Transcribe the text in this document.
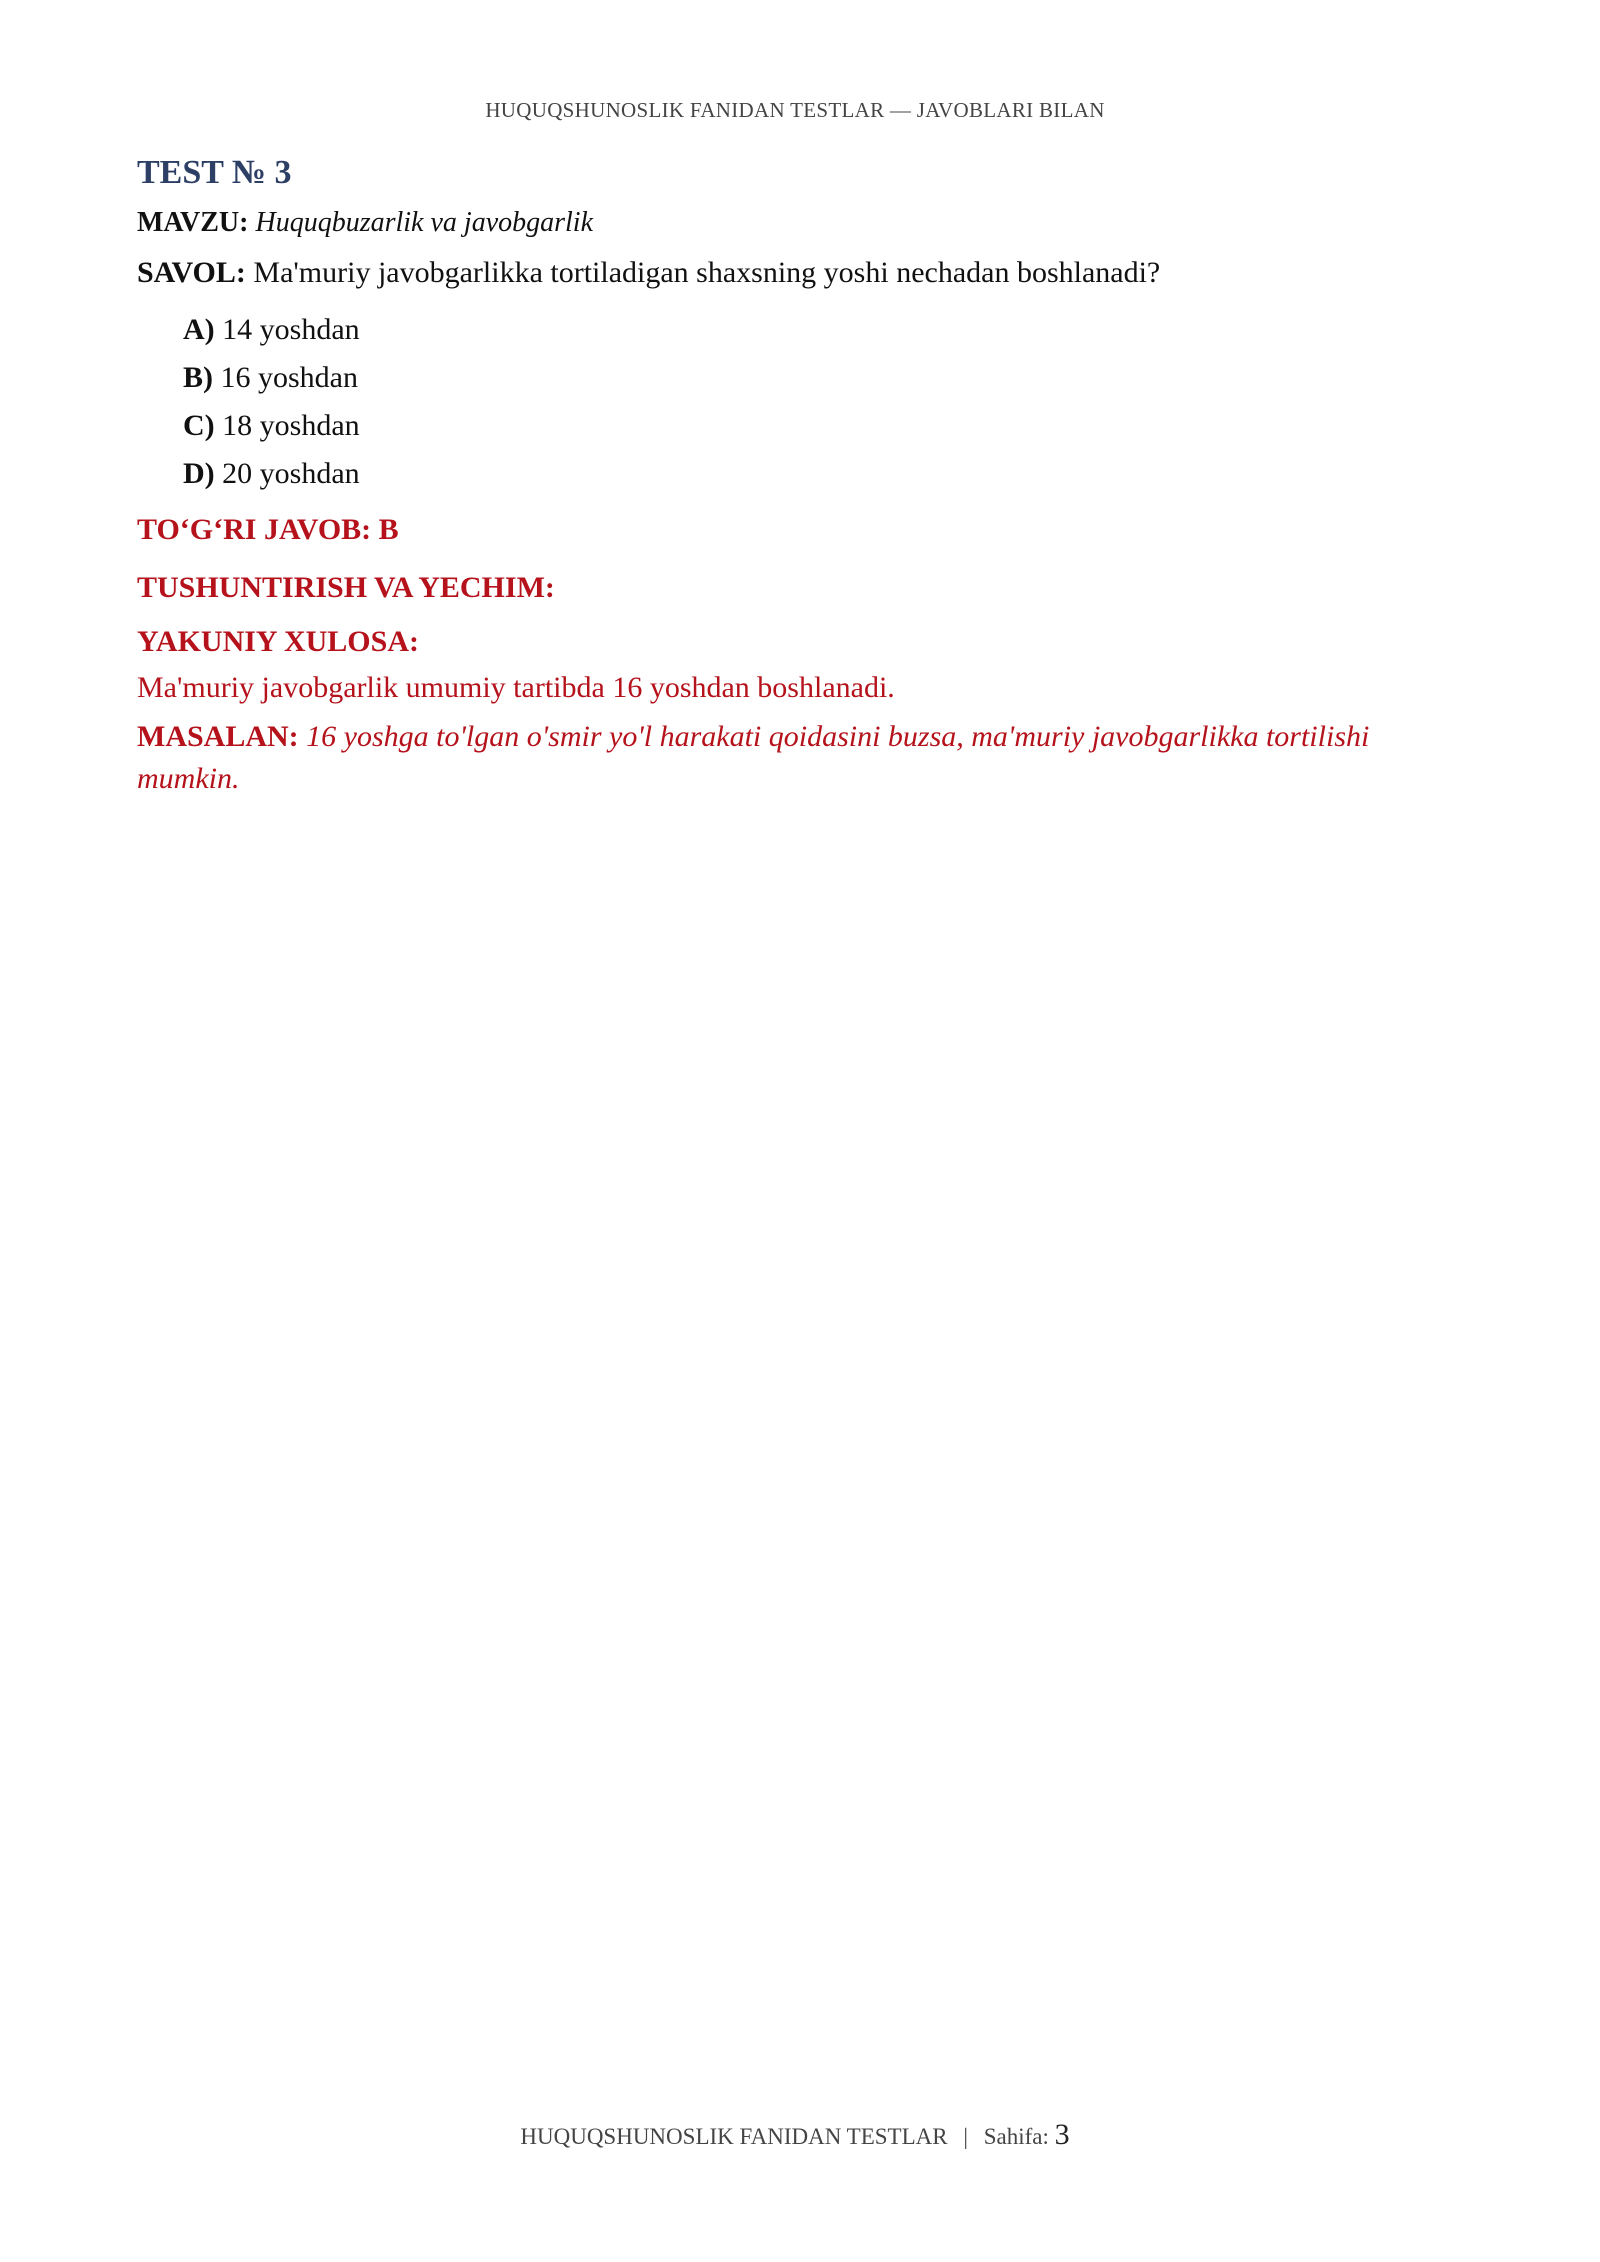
HUQUQSHUNOSLIK FANIDAN TESTLAR — JAVOBLARI BILAN
TEST № 3
MAVZU: Huquqbuzarlik va javobgarlik
SAVOL: Ma'muriy javobgarlikka tortiladigan shaxsning yoshi nechadan boshlanadi?
A) 14 yoshdan
B) 16 yoshdan
C) 18 yoshdan
D) 20 yoshdan
TO‘G‘RI JAVOB: B
TUSHUNTIRISH VA YECHIM:
YAKUNIY XULOSA:
Ma'muriy javobgarlik umumiy tartibda 16 yoshdan boshlanadi.
MASALAN: 16 yoshga to'lgan o'smir yo'l harakati qoidasini buzsa, ma'muriy javobgarlikka tortilishi mumkin.
HUQUQSHUNOSLIK FANIDAN TESTLAR | Sahifa: 3
